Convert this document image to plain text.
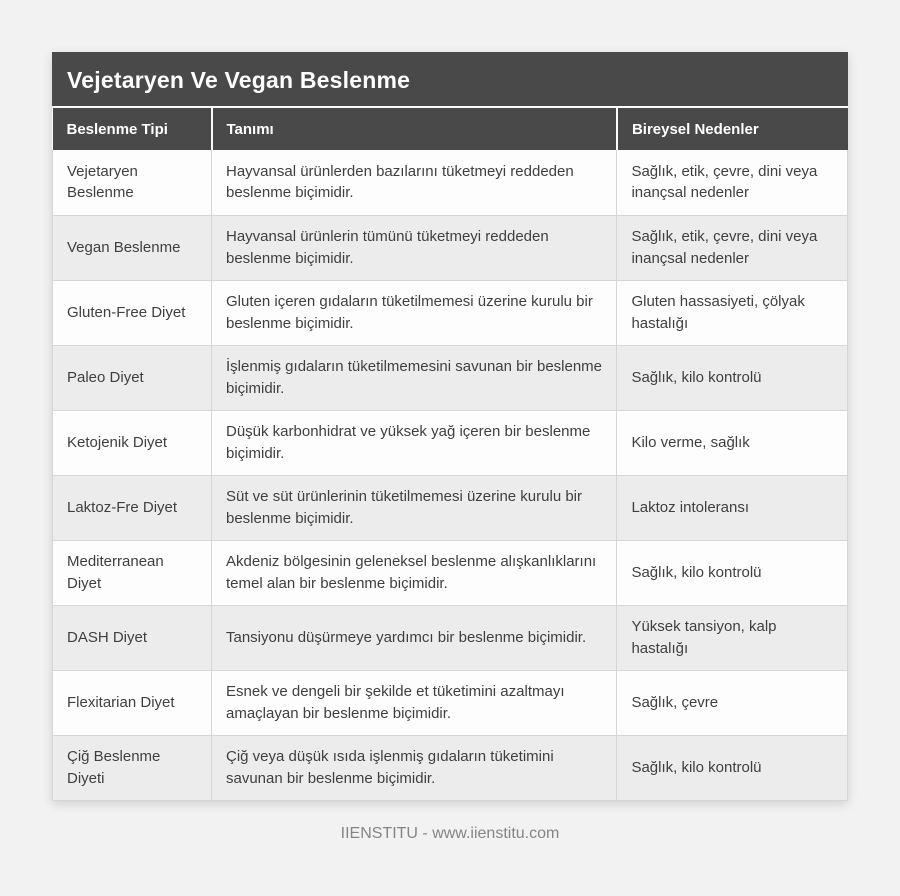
Vejetaryen Ve Vegan Beslenme
Beslenme Tipi	Tanımı	Bireysel Nedenler
Vejetaryen Beslenme	Hayvansal ürünlerden bazılarını tüketmeyi reddeden beslenme biçimidir.	Sağlık, etik, çevre, dini veya inançsal nedenler
Vegan Beslenme	Hayvansal ürünlerin tümünü tüketmeyi reddeden beslenme biçimidir.	Sağlık, etik, çevre, dini veya inançsal nedenler
Gluten-Free Diyet	Gluten içeren gıdaların tüketilmemesi üzerine kurulu bir beslenme biçimidir.	Gluten hassasiyeti, çölyak hastalığı
Paleo Diyet	İşlenmiş gıdaların tüketilmemesini savunan bir beslenme biçimidir.	Sağlık, kilo kontrolü
Ketojenik Diyet	Düşük karbonhidrat ve yüksek yağ içeren bir beslenme biçimidir.	Kilo verme, sağlık
Laktoz-Fre Diyet	Süt ve süt ürünlerinin tüketilmemesi üzerine kurulu bir beslenme biçimidir.	Laktoz intoleransı
Mediterranean Diyet	Akdeniz bölgesinin geleneksel beslenme alışkanlıklarını temel alan bir beslenme biçimidir.	Sağlık, kilo kontrolü
DASH Diyet	Tansiyonu düşürmeye yardımcı bir beslenme biçimidir.	Yüksek tansiyon, kalp hastalığı
Flexitarian Diyet	Esnek ve dengeli bir şekilde et tüketimini azaltmayı amaçlayan bir beslenme biçimidir.	Sağlık, çevre
Çiğ Beslenme Diyeti	Çiğ veya düşük ısıda işlenmiş gıdaların tüketimini savunan bir beslenme biçimidir.	Sağlık, kilo kontrolü
IIENSTITU - www.iienstitu.com
